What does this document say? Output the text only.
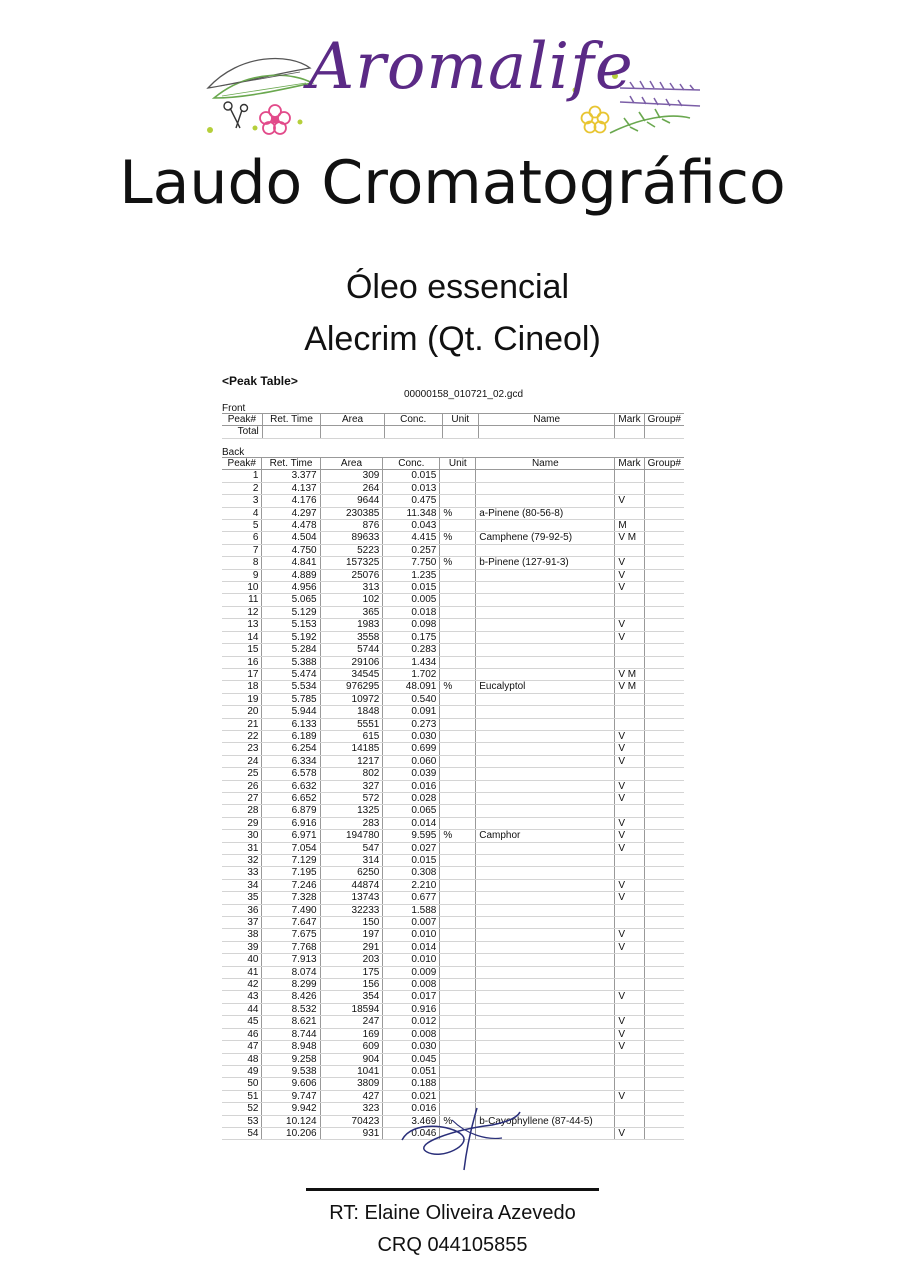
Aromalife
Laudo Cromatográfico
Óleo essencial
Alecrim (Qt. Cineol)
<Peak Table>
00000158_010721_02.gcd
Front
Peak#	Ret. Time	Area	Conc.	Unit	Name	Mark	Group#
Total							
Back
Peak#	Ret. Time	Area	Conc.	Unit	Name	Mark	Group#
1	3.377	309	0.015				
2	4.137	264	0.013				
3	4.176	9644	0.475			V	
4	4.297	230385	11.348	%	a-Pinene (80-56-8)		
5	4.478	876	0.043			M	
6	4.504	89633	4.415	%	Camphene (79-92-5)	V M	
7	4.750	5223	0.257				
8	4.841	157325	7.750	%	b-Pinene (127-91-3)	V	
9	4.889	25076	1.235			V	
10	4.956	313	0.015			V	
11	5.065	102	0.005				
12	5.129	365	0.018				
13	5.153	1983	0.098			V	
14	5.192	3558	0.175			V	
15	5.284	5744	0.283				
16	5.388	29106	1.434				
17	5.474	34545	1.702			V M	
18	5.534	976295	48.091	%	Eucalyptol	V M	
19	5.785	10972	0.540				
20	5.944	1848	0.091				
21	6.133	5551	0.273				
22	6.189	615	0.030			V	
23	6.254	14185	0.699			V	
24	6.334	1217	0.060			V	
25	6.578	802	0.039				
26	6.632	327	0.016			V	
27	6.652	572	0.028			V	
28	6.879	1325	0.065				
29	6.916	283	0.014			V	
30	6.971	194780	9.595	%	Camphor	V	
31	7.054	547	0.027			V	
32	7.129	314	0.015				
33	7.195	6250	0.308				
34	7.246	44874	2.210			V	
35	7.328	13743	0.677			V	
36	7.490	32233	1.588				
37	7.647	150	0.007				
38	7.675	197	0.010			V	
39	7.768	291	0.014			V	
40	7.913	203	0.010				
41	8.074	175	0.009				
42	8.299	156	0.008				
43	8.426	354	0.017			V	
44	8.532	18594	0.916				
45	8.621	247	0.012			V	
46	8.744	169	0.008			V	
47	8.948	609	0.030			V	
48	9.258	904	0.045				
49	9.538	1041	0.051				
50	9.606	3809	0.188				
51	9.747	427	0.021			V	
52	9.942	323	0.016				
53	10.124	70423	3.469	%	b-Cayophyllene (87-44-5)		
54	10.206	931	0.046			V	
RT: Elaine Oliveira Azevedo
CRQ 044105855
